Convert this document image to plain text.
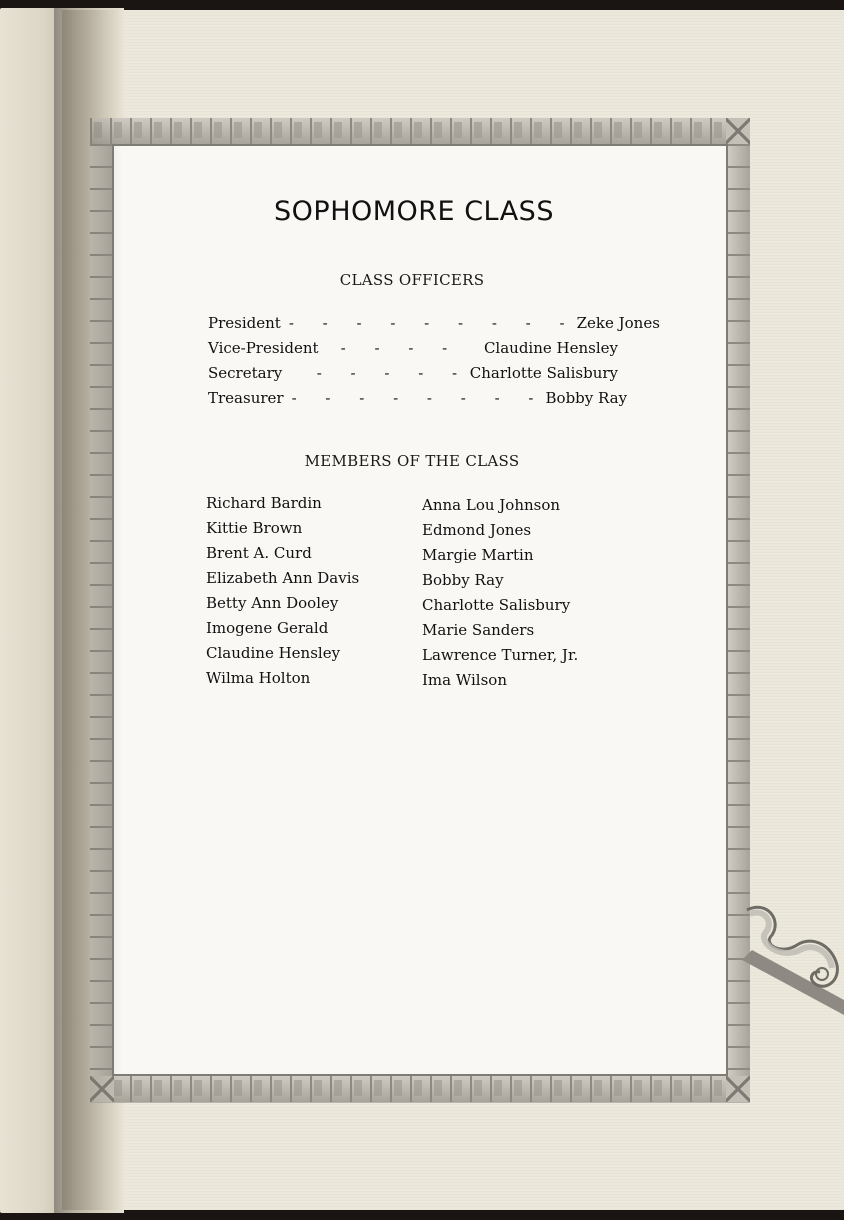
SOPHOMORE CLASS
CLASS OFFICERS
President - - - - - - - - - Zeke Jones
Vice-President	- - - -	Claudine Hensley
Secretary	- - - - - Charlotte Salisbury
Treasurer - - - - - - - - Bobby Ray
MEMBERS OF THE CLASS
Richard Bardin
Kittie Brown
Brent A. Curd
Elizabeth Ann Davis
Betty Ann Dooley
Imogene Gerald
Claudine Hensley
Wilma Holton
Anna Lou Johnson
Edmond Jones
Margie Martin
Bobby Ray
Charlotte Salisbury
Marie Sanders
Lawrence Turner, Jr.
Ima Wilson
